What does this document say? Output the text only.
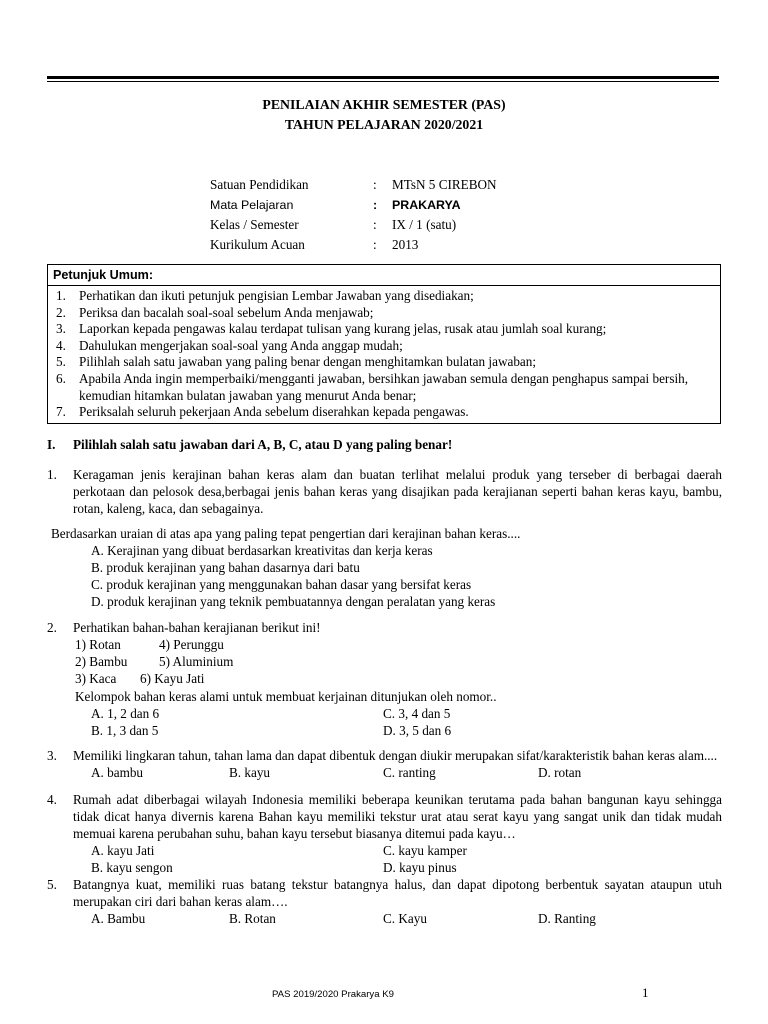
PENILAIAN AKHIR SEMESTER (PAS)
TAHUN PELAJARAN 2020/2021
Satuan Pendidikan	:	MTsN 5 CIREBON
Mata Pelajaran	:	PRAKARYA
Kelas / Semester	:	IX / 1 (satu)
Kurikulum Acuan	:	2013
Petunjuk Umum:
1. Perhatikan dan ikuti petunjuk pengisian Lembar Jawaban yang disediakan;
2. Periksa dan bacalah soal-soal sebelum Anda menjawab;
3. Laporkan kepada pengawas kalau terdapat tulisan yang kurang jelas, rusak atau jumlah soal kurang;
4. Dahulukan mengerjakan soal-soal yang Anda anggap mudah;
5. Pilihlah salah satu jawaban yang paling benar dengan menghitamkan bulatan jawaban;
6. Apabila Anda ingin memperbaiki/mengganti jawaban, bersihkan jawaban semula dengan penghapus sampai bersih, kemudian hitamkan bulatan jawaban yang menurut Anda benar;
7. Periksalah seluruh pekerjaan Anda sebelum diserahkan kepada pengawas.
I.	Pilihlah salah satu jawaban dari A, B, C, atau D yang paling benar!
1.	Keragaman jenis kerajinan bahan keras alam dan buatan terlihat melalui produk yang terseber di berbagai daerah perkotaan dan pelosok desa,berbagai jenis bahan keras yang disajikan pada kerajianan seperti bahan keras kayu, bambu, rotan, kaleng, kaca, dan sebagainya.
Berdasarkan uraian di atas apa yang paling tepat pengertian dari kerajinan bahan keras....
A. Kerajinan yang dibuat berdasarkan kreativitas dan kerja keras
B. produk kerajinan yang bahan dasarnya dari batu
C. produk kerajinan yang menggunakan bahan dasar yang bersifat keras
D. produk kerajinan yang teknik pembuatannya dengan peralatan yang keras
2.	Perhatikan bahan-bahan kerajianan berikut ini!
1) Rotan	4) Perunggu
2) Bambu	5) Aluminium
3) Kaca	6) Kayu Jati
Kelompok bahan keras alami untuk membuat kerjainan ditunjukan oleh nomor..
A. 1, 2 dan 6	C. 3, 4 dan 5
B. 1, 3 dan 5	D. 3, 5 dan 6
3.	Memiliki lingkaran tahun, tahan lama dan dapat dibentuk dengan diukir merupakan sifat/karakteristik bahan keras alam....
A. bambu	B. kayu	C. ranting	D. rotan
4.	Rumah adat diberbagai wilayah Indonesia memiliki beberapa keunikan terutama pada bahan bangunan kayu sehingga tidak dicat hanya divernis karena Bahan kayu memiliki tekstur urat atau serat kayu yang sangat unik dan tidak mudah memuai karena perubahan suhu, bahan kayu tersebut biasanya ditemui pada kayu…
A. kayu Jati	C. kayu kamper
B. kayu sengon	D. kayu pinus
5.	Batangnya kuat, memiliki ruas batang tekstur batangnya halus, dan dapat dipotong berbentuk sayatan ataupun utuh merupakan ciri dari bahan keras alam….
A. Bambu	B. Rotan	C. Kayu	D. Ranting
PAS 2019/2020 Prakarya K9	1
